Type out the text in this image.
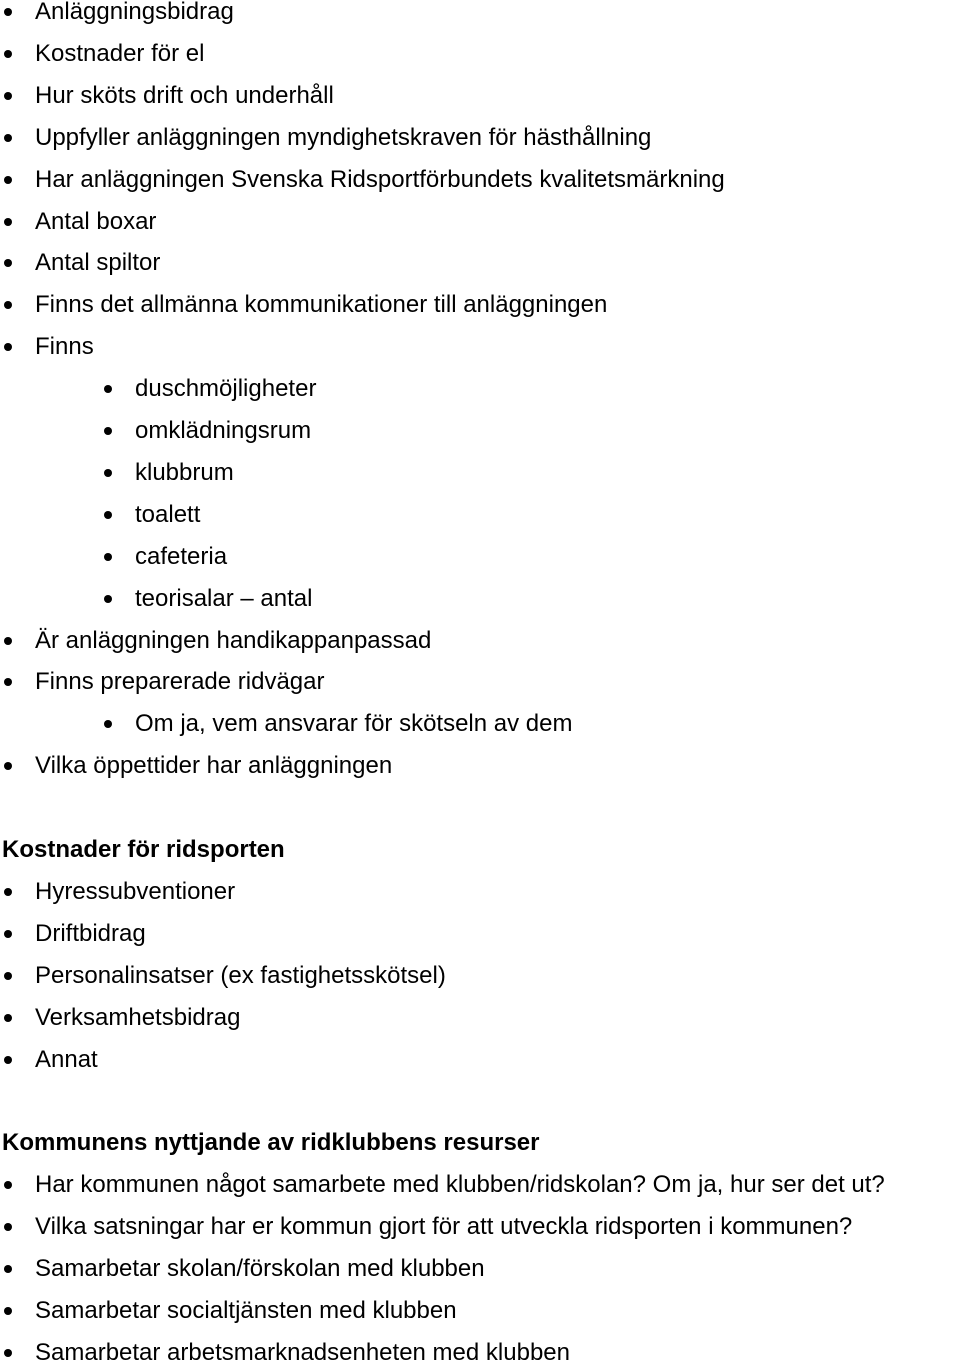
Anläggningsbidrag
Kostnader för el
Hur sköts drift och underhåll
Uppfyller anläggningen myndighetskraven för hästhållning
Har anläggningen Svenska Ridsportförbundets kvalitetsmärkning
Antal boxar
Antal spiltor
Finns det allmänna kommunikationer till anläggningen
Finns
duschmöjligheter
omklädningsrum
klubbrum
toalett
cafeteria
teorisalar – antal
Är anläggningen handikappanpassad
Finns preparerade ridvägar
Om ja, vem ansvarar för skötseln av dem
Vilka öppettider har anläggningen
Kostnader för ridsporten
Hyressubventioner
Driftbidrag
Personalinsatser (ex fastighetsskötsel)
Verksamhetsbidrag
Annat
Kommunens nyttjande av ridklubbens resurser
Har kommunen något samarbete med klubben/ridskolan? Om ja, hur ser det ut?
Vilka satsningar har er kommun gjort för att utveckla ridsporten i kommunen?
Samarbetar skolan/förskolan med klubben
Samarbetar socialtjänsten med klubben
Samarbetar arbetsmarknadsenheten med klubben
